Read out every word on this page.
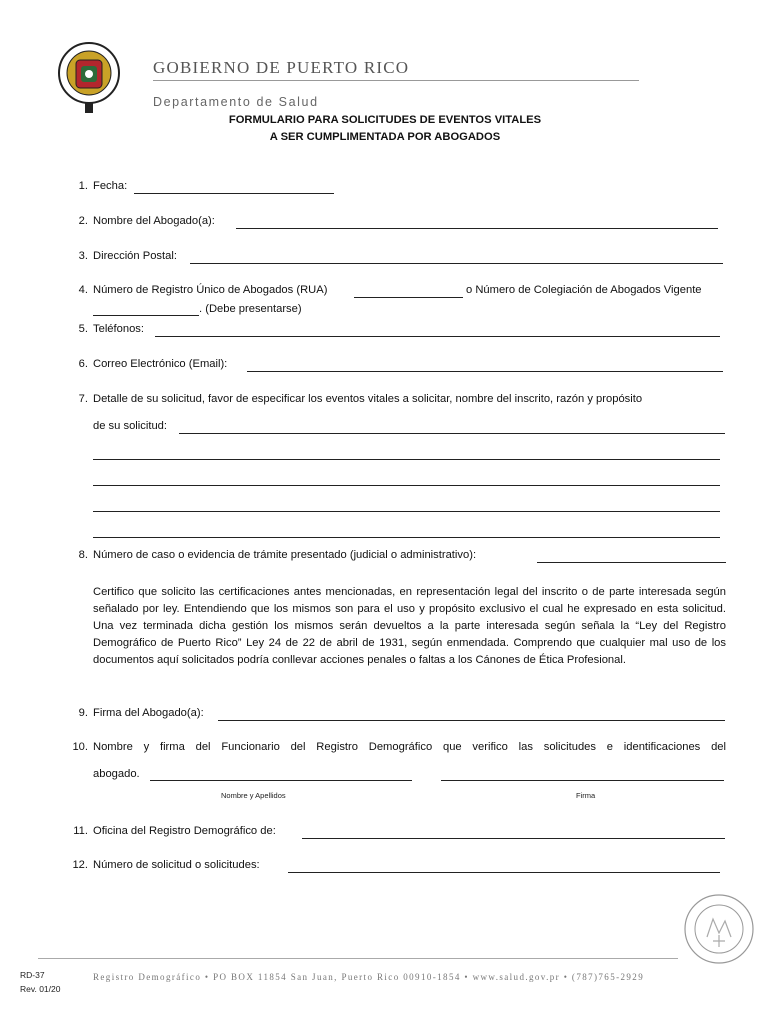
GOBIERNO DE PUERTO RICO
Departamento de Salud
FORMULARIO PARA SOLICITUDES DE EVENTOS VITALES
A SER CUMPLIMENTADA POR ABOGADOS
1. Fecha:
2. Nombre del Abogado(a):
3. Dirección Postal:
4. Número de Registro Único de Abogados (RUA)	o Número de Colegiación de Abogados Vigente
. (Debe presentarse)
5. Teléfonos:
6. Correo Electrónico (Email):
7. Detalle de su solicitud, favor de especificar los eventos vitales a solicitar, nombre del inscrito, razón y propósito
de su solicitud:
8. Número de caso o evidencia de trámite presentado (judicial o administrativo):
Certifico que solicito las certificaciones antes mencionadas, en representación legal del inscrito o de parte interesada según señalado por ley. Entendiendo que los mismos son para el uso y propósito exclusivo el cual he expresado en esta solicitud. Una vez terminada dicha gestión los mismos serán devueltos a la parte interesada según señala la “Ley del Registro Demográfico de Puerto Rico” Ley 24 de 22 de abril de 1931, según enmendada. Comprendo que cualquier mal uso de los documentos aquí solicitados podría conllevar acciones penales o faltas a los Cánones de Ética Profesional.
9. Firma del Abogado(a):
10. Nombre y firma del Funcionario del Registro Demográfico que verifico las solicitudes e identificaciones del
abogado.
Nombre y Apellidos	Firma
11. Oficina del Registro Demográfico de:
12. Número de solicitud o solicitudes:
RD-37
Rev. 01/20
Registro Demográfico • PO BOX 11854 San Juan, Puerto Rico 00910-1854 • www.salud.gov.pr • (787)765-2929
